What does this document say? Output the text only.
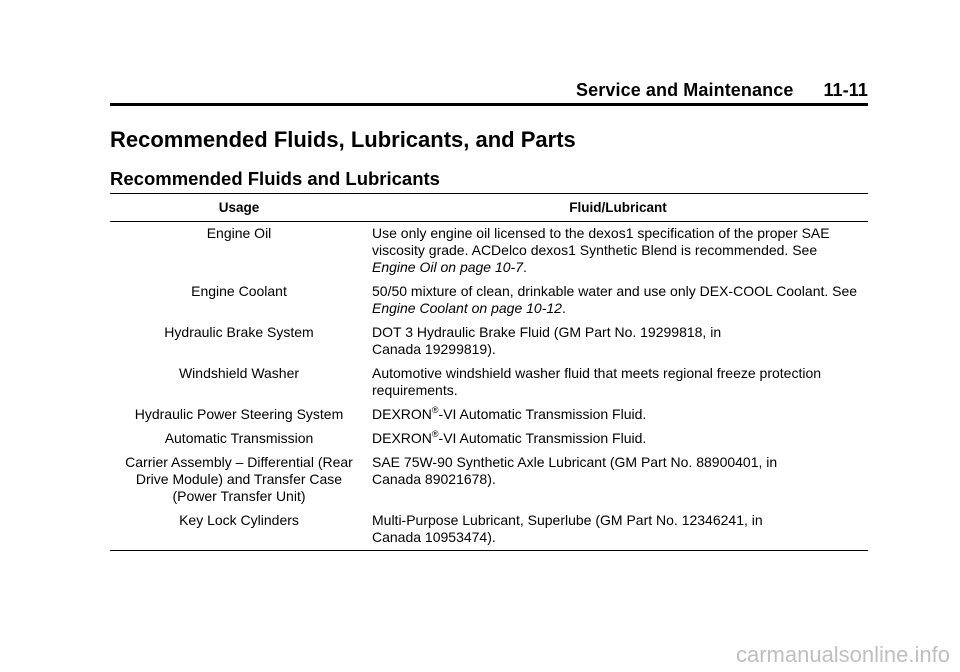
Service and Maintenance 11-11
Recommended Fluids, Lubricants, and Parts
Recommended Fluids and Lubricants
Usage	Fluid/Lubricant
Engine Oil	Use only engine oil licensed to the dexos1 specification of the proper SAE viscosity grade. ACDelco dexos1 Synthetic Blend is recommended. See Engine Oil on page 10-7.
Engine Coolant	50/50 mixture of clean, drinkable water and use only DEX-COOL Coolant. See Engine Coolant on page 10-12.
Hydraulic Brake System	DOT 3 Hydraulic Brake Fluid (GM Part No. 19299818, in
Canada 19299819).
Windshield Washer	Automotive windshield washer fluid that meets regional freeze protection requirements.
Hydraulic Power Steering System	DEXRON®-VI Automatic Transmission Fluid.
Automatic Transmission	DEXRON®-VI Automatic Transmission Fluid.
Carrier Assembly – Differential (Rear
Drive Module) and Transfer Case
(Power Transfer Unit)	SAE 75W-90 Synthetic Axle Lubricant (GM Part No. 88900401, in
Canada 89021678).
Key Lock Cylinders	Multi-Purpose Lubricant, Superlube (GM Part No. 12346241, in
Canada 10953474).
carmanualsonline.info
